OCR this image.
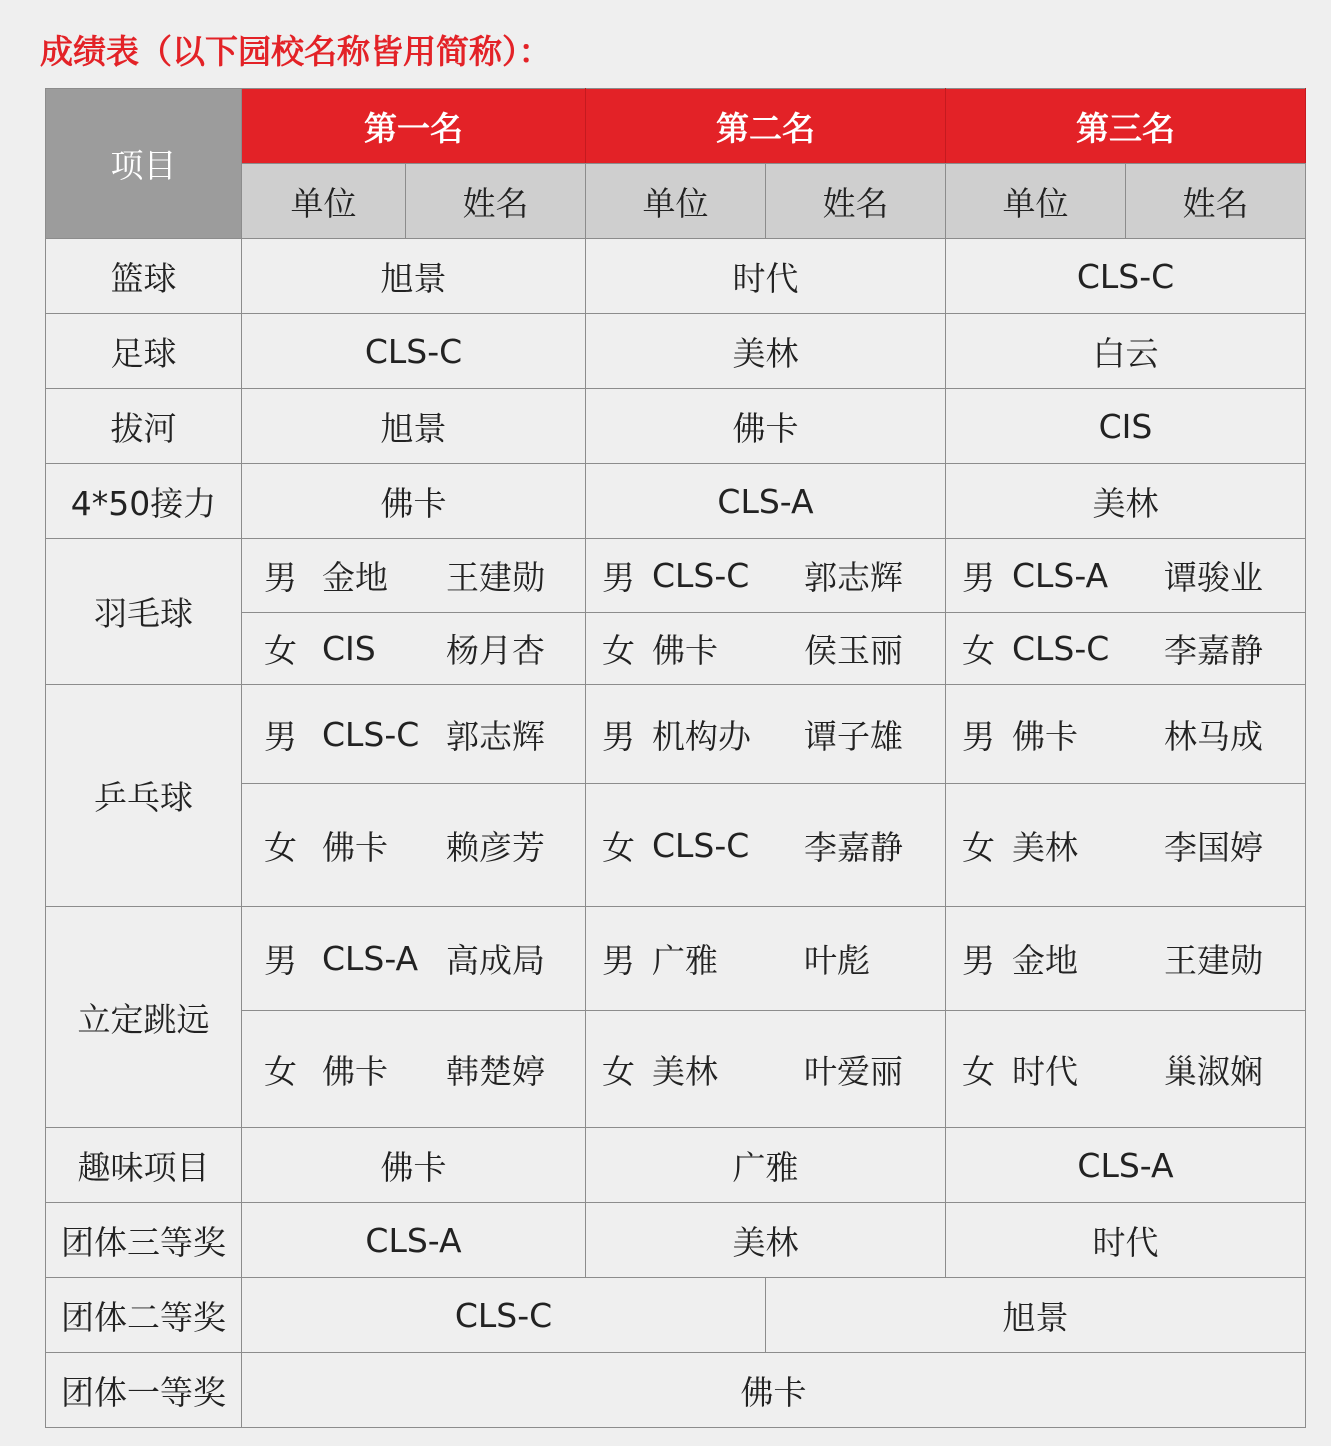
成绩表（以下园校名称皆用简称）：
项目	第一名		第二名		第三名	
	单位	姓名	单位	姓名	单位	姓名
篮球	旭景		时代		CLS-C	
足球	CLS-C		美林		白云	
拔河	旭景		佛卡		CIS	
4*50接力	佛卡		CLS-A		美林	
羽毛球	男 金地 王建勋		男 CLS-C 郭志辉		男 CLS-A 谭骏业	

	女 CIS 杨月杏		女 佛卡 侯玉丽		女 CLS-C 李嘉静	

乒乓球	男 CLS-C 郭志辉		男 机构办 谭子雄		男 佛卡 林马成	

	女 佛卡 赖彦芳		女 CLS-C 李嘉静		女 美林 李国婷	

立定跳远	男 CLS-A 高成局		男 广雅 叶彪		男 金地 王建勋	

	女 佛卡 韩楚婷		女 美林 叶爱丽		女 时代 巢淑娴	

趣味项目	佛卡		广雅		CLS-A	
团体三等奖	CLS-A		美林		时代	
团体二等奖	CLS-C			旭景		
团体一等奖	佛卡					
